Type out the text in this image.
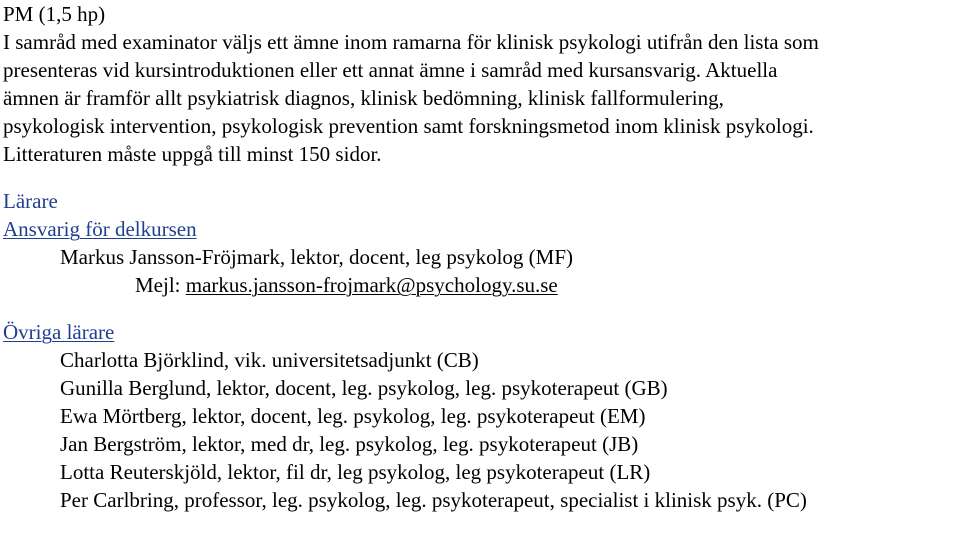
PM (1,5 hp)
I samråd med examinator väljs ett ämne inom ramarna för klinisk psykologi utifrån den lista som
presenteras vid kursintroduktionen eller ett annat ämne i samråd med kursansvarig. Aktuella
ämnen är framför allt psykiatrisk diagnos, klinisk bedömning, klinisk fallformulering,
psykologisk intervention, psykologisk prevention samt forskningsmetod inom klinisk psykologi.
Litteraturen måste uppgå till minst 150 sidor.
Lärare
Ansvarig för delkursen
Markus Jansson-Fröjmark, lektor, docent, leg psykolog (MF)
Mejl: markus.jansson-frojmark@psychology.su.se
Övriga lärare
Charlotta Björklind, vik. universitetsadjunkt (CB)
Gunilla Berglund, lektor, docent, leg. psykolog, leg. psykoterapeut (GB)
Ewa Mörtberg, lektor, docent, leg. psykolog, leg. psykoterapeut (EM)
Jan Bergström, lektor, med dr, leg. psykolog, leg. psykoterapeut (JB)
Lotta Reuterskjöld, lektor, fil dr, leg psykolog, leg psykoterapeut (LR)
Per Carlbring, professor, leg. psykolog, leg. psykoterapeut, specialist i klinisk psyk. (PC)
